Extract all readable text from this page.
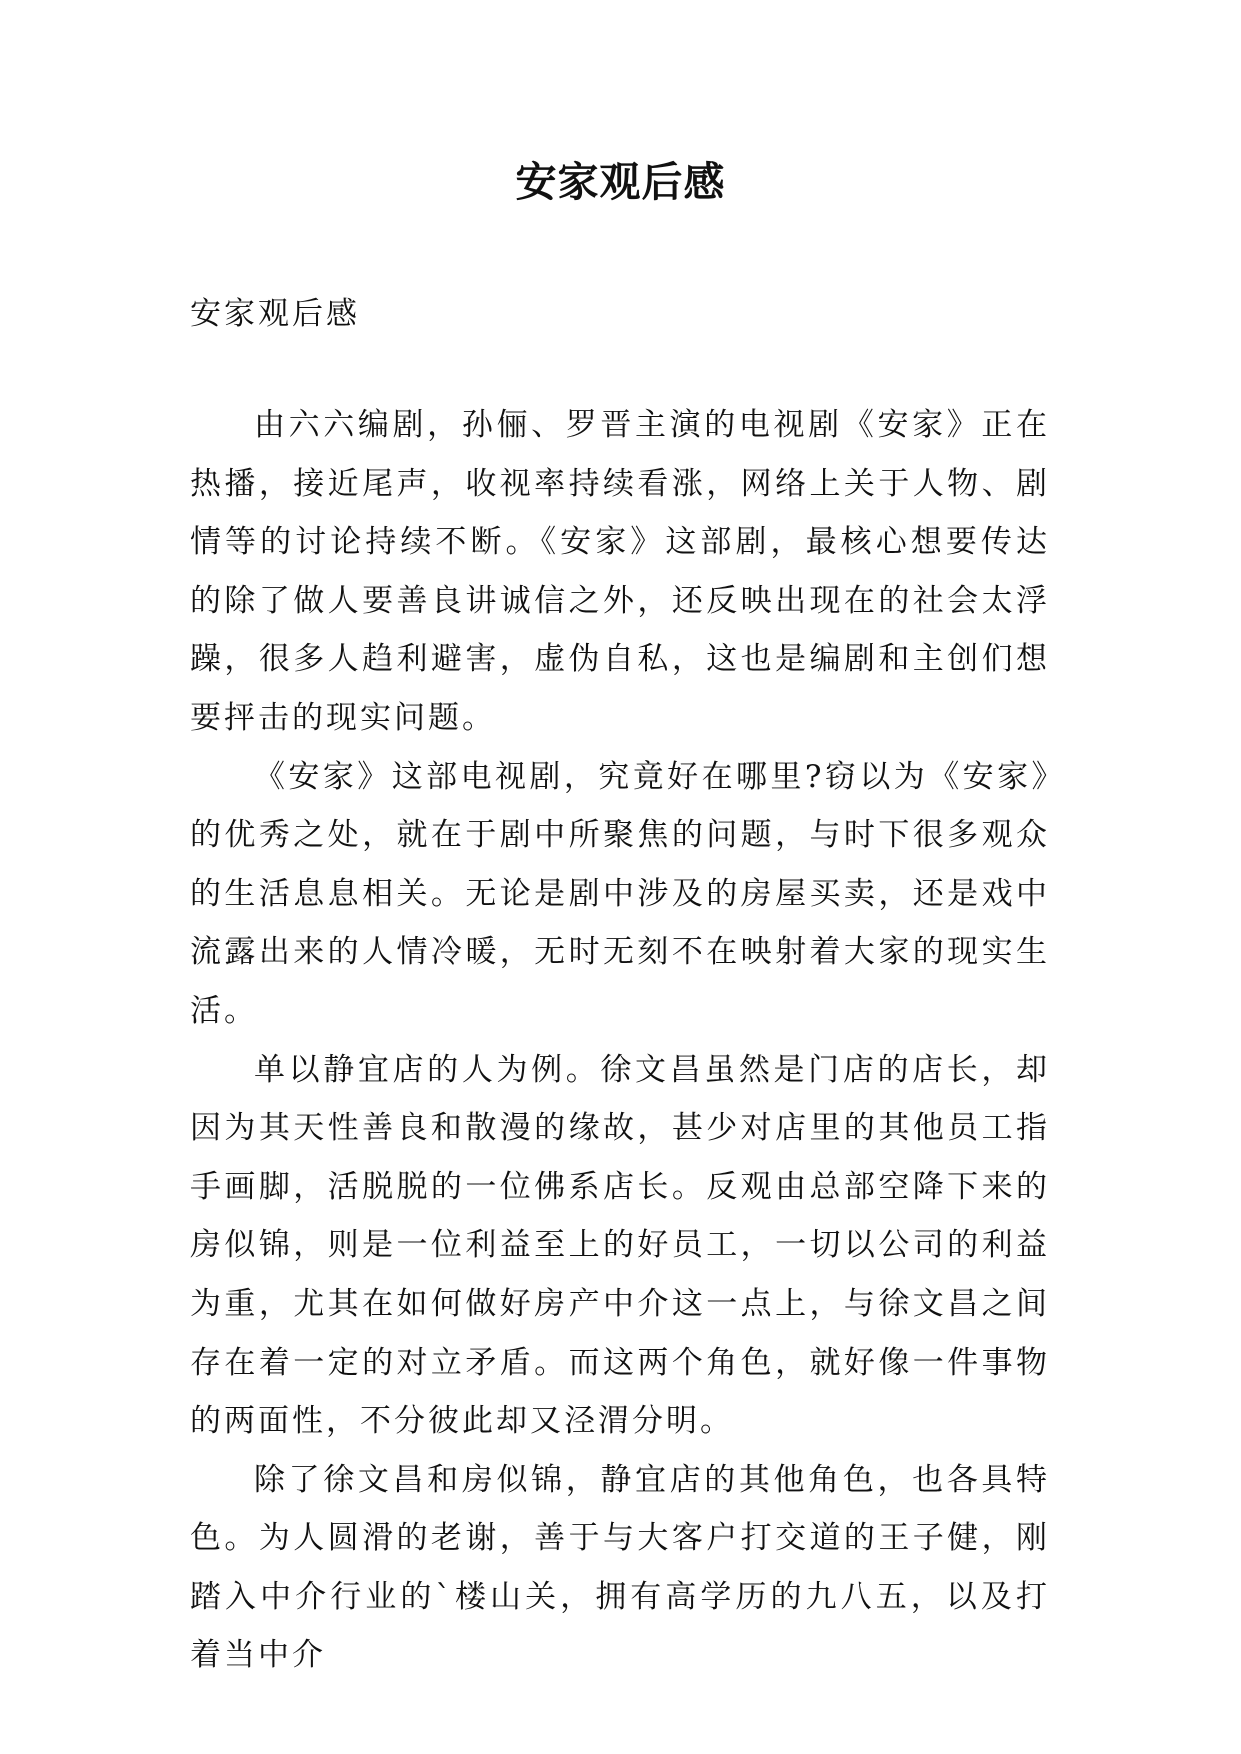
安家观后感

安家观后感

由六六编剧，孙俪、罗晋主演的电视剧《安家》正在热播，接近尾声，收视率持续看涨，网络上关于人物、剧情等的讨论持续不断。《安家》这部剧，最核心想要传达的除了做人要善良讲诚信之外，还反映出现在的社会太浮躁，很多人趋利避害，虚伪自私，这也是编剧和主创们想要抨击的现实问题。

《安家》这部电视剧，究竟好在哪里?窃以为《安家》的优秀之处，就在于剧中所聚焦的问题，与时下很多观众的生活息息相关。无论是剧中涉及的房屋买卖，还是戏中流露出来的人情冷暖，无时无刻不在映射着大家的现实生活。

单以静宜店的人为例。徐文昌虽然是门店的店长，却因为其天性善良和散漫的缘故，甚少对店里的其他员工指手画脚，活脱脱的一位佛系店长。反观由总部空降下来的房似锦，则是一位利益至上的好员工，一切以公司的利益为重，尤其在如何做好房产中介这一点上，与徐文昌之间存在着一定的对立矛盾。而这两个角色，就好像一件事物的两面性，不分彼此却又泾渭分明。

除了徐文昌和房似锦，静宜店的其他角色，也各具特色。为人圆滑的老谢，善于与大客户打交道的王子健，刚踏入中介行业的`楼山关，拥有高学历的九八五，以及打着当中介
